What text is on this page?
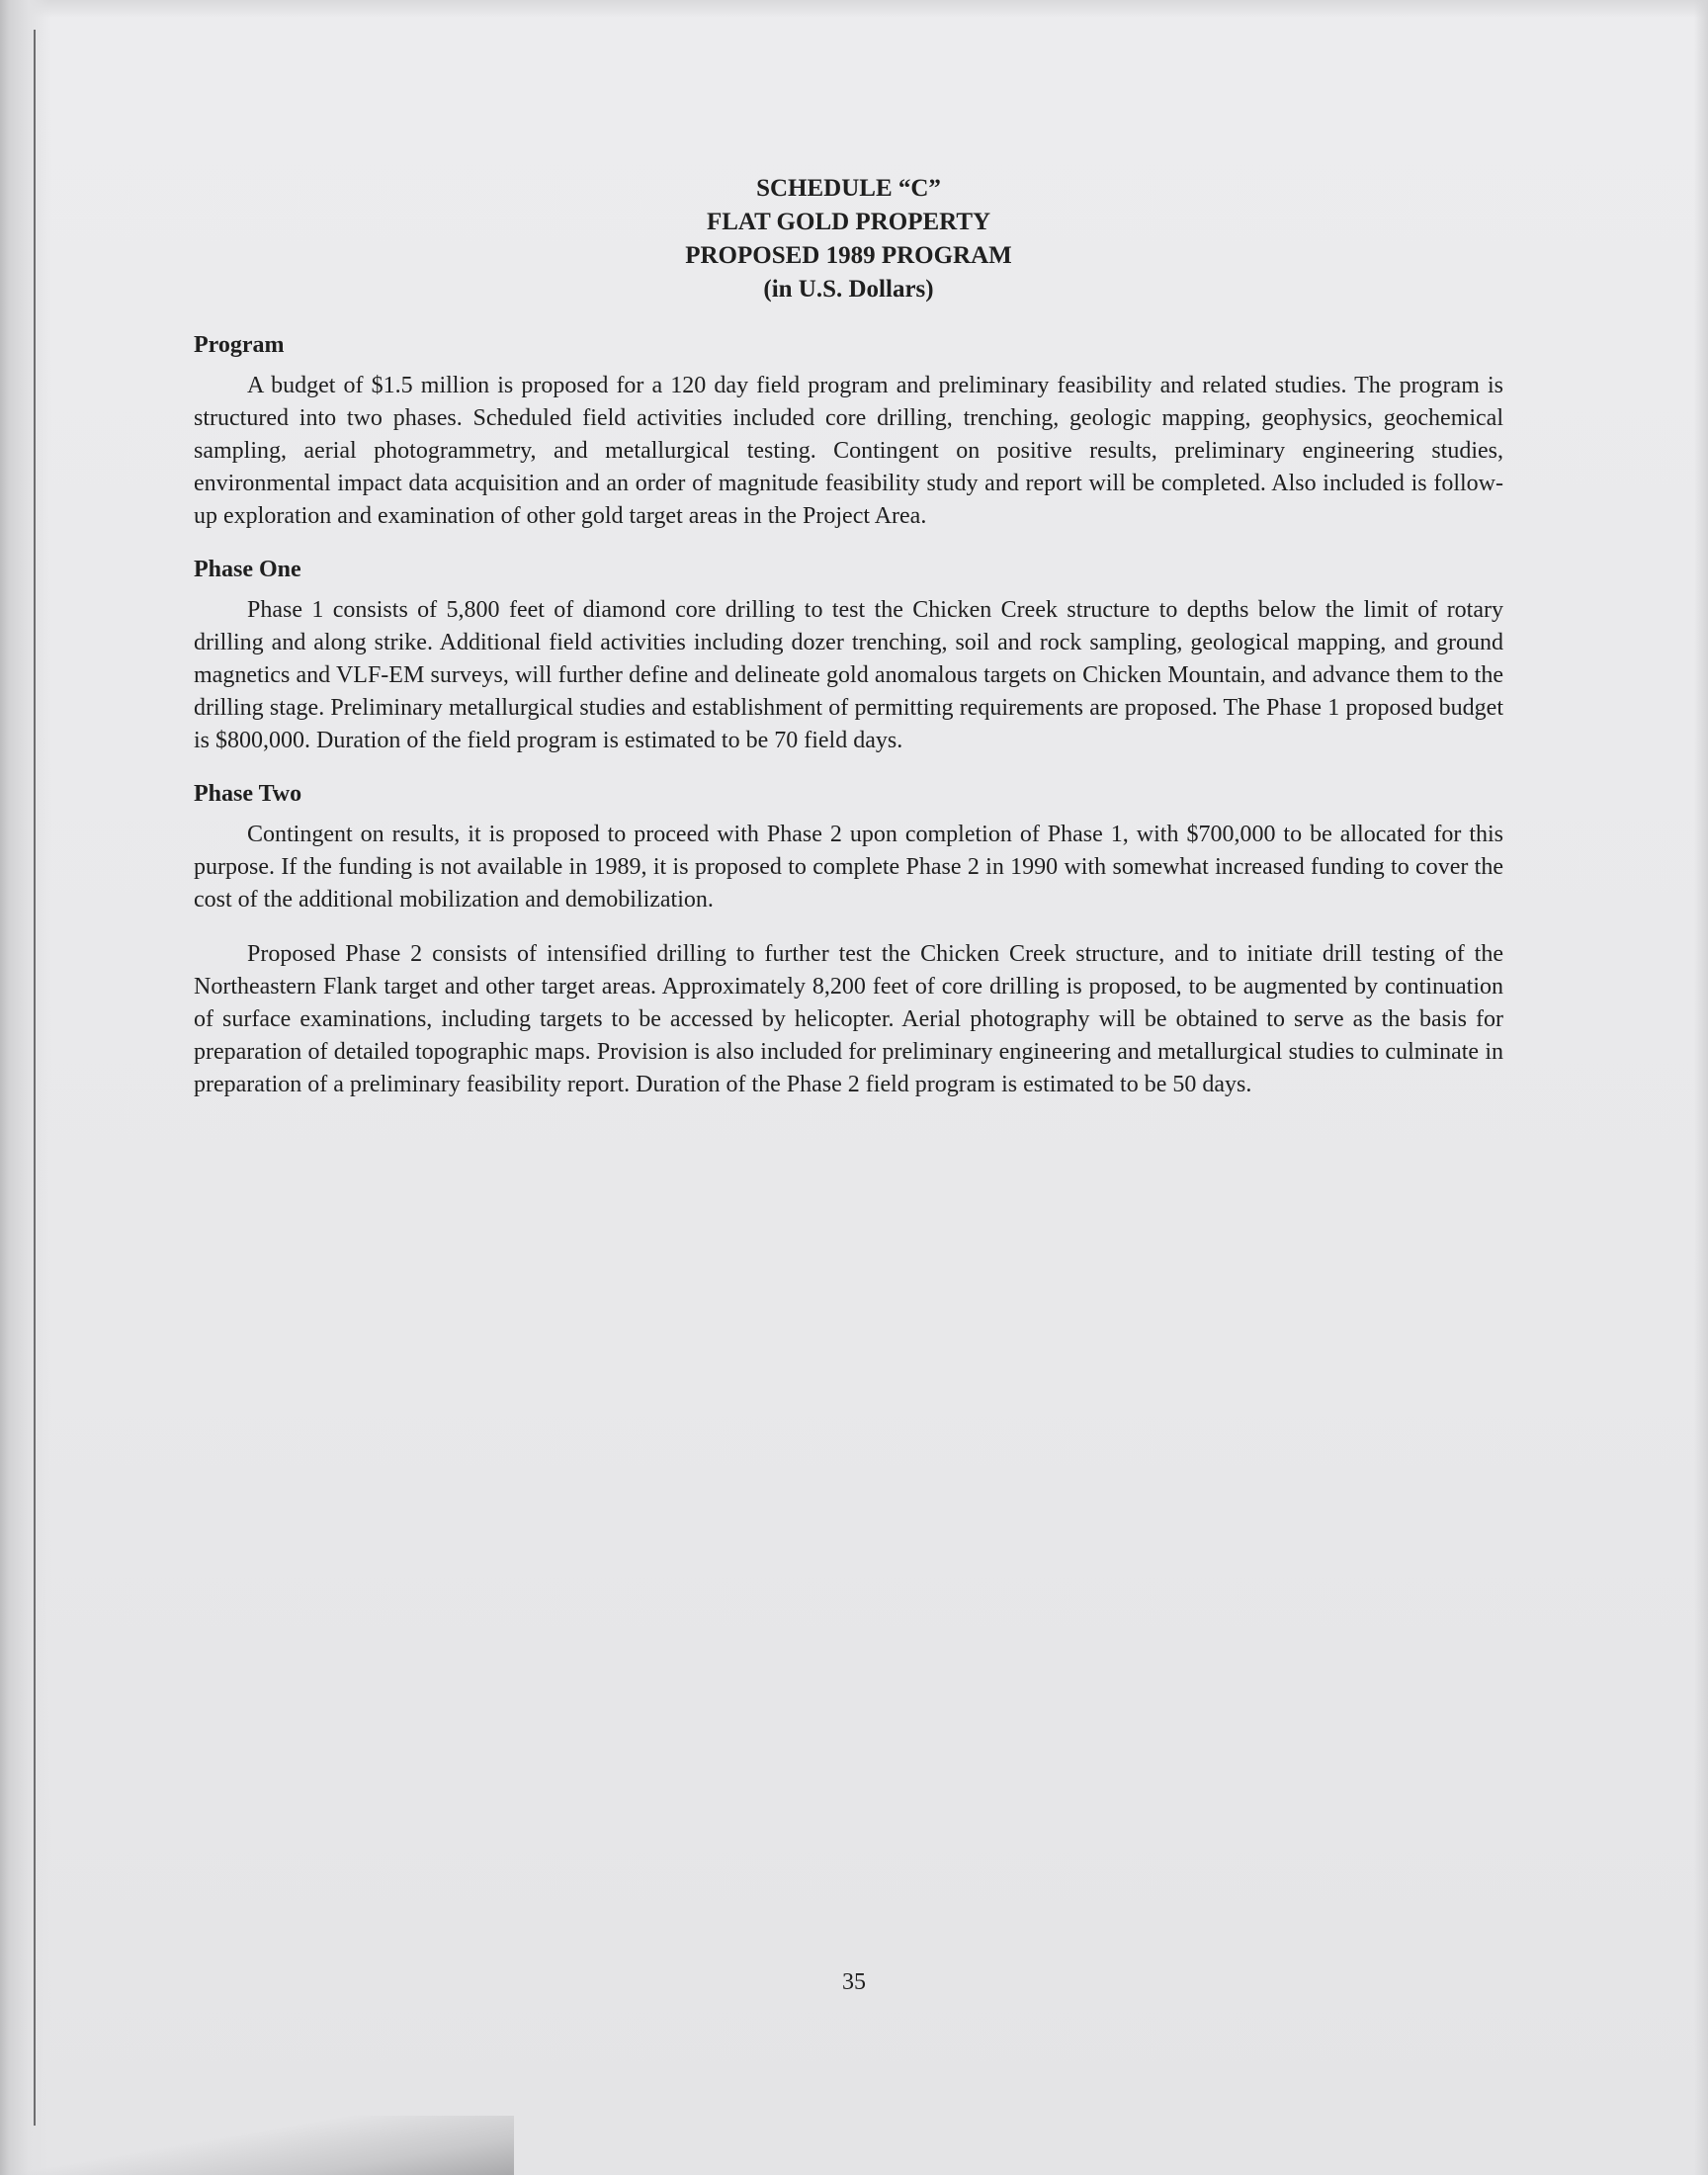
SCHEDULE “C”
FLAT GOLD PROPERTY
PROPOSED 1989 PROGRAM
(in U.S. Dollars)
Program

A budget of $1.5 million is proposed for a 120 day field program and preliminary feasibility and related studies. The program is structured into two phases. Scheduled field activities included core drilling, trenching, geologic mapping, geophysics, geochemical sampling, aerial photogrammetry, and metallurgical testing. Contingent on positive results, preliminary engineering studies, environmental impact data acquisition and an order of magnitude feasibility study and report will be completed. Also included is follow-up exploration and examination of other gold target areas in the Project Area.

Phase One

Phase 1 consists of 5,800 feet of diamond core drilling to test the Chicken Creek structure to depths below the limit of rotary drilling and along strike. Additional field activities including dozer trenching, soil and rock sampling, geological mapping, and ground magnetics and VLF-EM surveys, will further define and delineate gold anomalous targets on Chicken Mountain, and advance them to the drilling stage. Preliminary metallurgical studies and establishment of permitting requirements are proposed. The Phase 1 proposed budget is $800,000. Duration of the field program is estimated to be 70 field days.

Phase Two

Contingent on results, it is proposed to proceed with Phase 2 upon completion of Phase 1, with $700,000 to be allocated for this purpose. If the funding is not available in 1989, it is proposed to complete Phase 2 in 1990 with somewhat increased funding to cover the cost of the additional mobilization and demobilization.

Proposed Phase 2 consists of intensified drilling to further test the Chicken Creek structure, and to initiate drill testing of the Northeastern Flank target and other target areas. Approximately 8,200 feet of core drilling is proposed, to be augmented by continuation of surface examinations, including targets to be accessed by helicopter. Aerial photography will be obtained to serve as the basis for preparation of detailed topographic maps. Provision is also included for preliminary engineering and metallurgical studies to culminate in preparation of a preliminary feasibility report. Duration of the Phase 2 field program is estimated to be 50 days.

35
